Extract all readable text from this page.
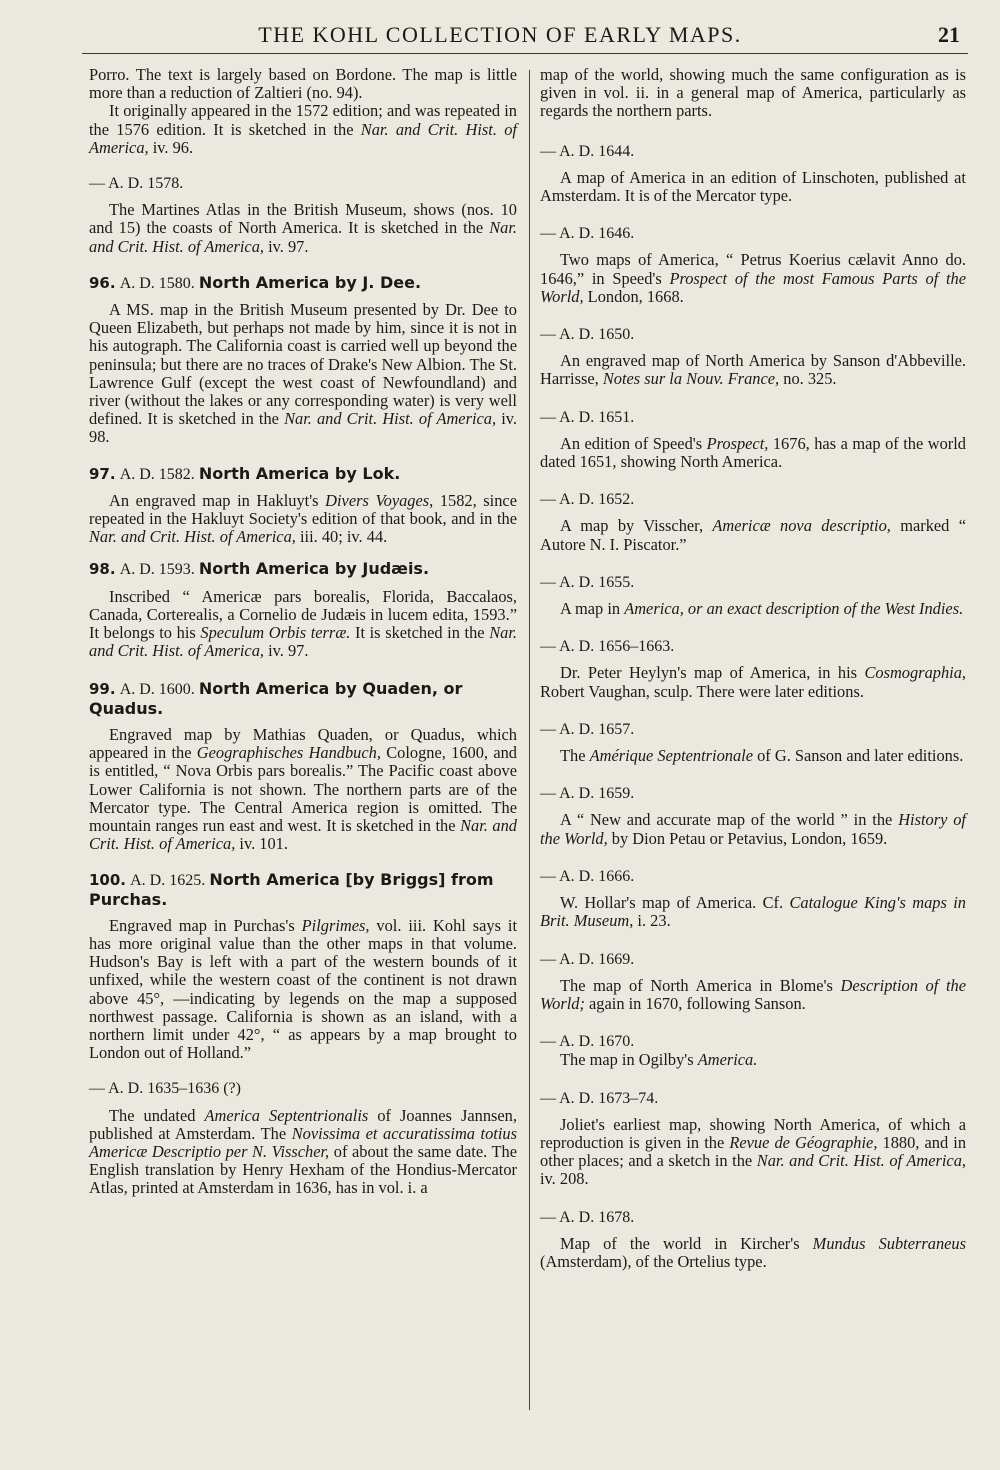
THE KOHL COLLECTION OF EARLY MAPS.	21

Porro. The text is largely based on Bordone. The map is little more than a reduction of Zaltieri (no. 94).

It originally appeared in the 1572 edition; and was repeated in the 1576 edition. It is sketched in the Nar. and Crit. Hist. of America, iv. 96.

— A. D. 1578.

The Martines Atlas in the British Museum, shows (nos. 10 and 15) the coasts of North America. It is sketched in the Nar. and Crit. Hist. of America, iv. 97.

96. A. D. 1580. North America by J. Dee.

A MS. map in the British Museum presented by Dr. Dee to Queen Elizabeth, but perhaps not made by him, since it is not in his autograph. The California coast is carried well up beyond the peninsula; but there are no traces of Drake's New Albion. The St. Lawrence Gulf (except the west coast of Newfoundland) and river (without the lakes or any corresponding water) is very well defined. It is sketched in the Nar. and Crit. Hist. of America, iv. 98.

97. A. D. 1582. North America by Lok.

An engraved map in Hakluyt's Divers Voyages, 1582, since repeated in the Hakluyt Society's edition of that book, and in the Nar. and Crit. Hist. of America, iii. 40; iv. 44.

98. A. D. 1593. North America by Judæis.

Inscribed “ Americæ pars borealis, Florida, Baccalaos, Canada, Corterealis, a Cornelio de Judæis in lucem edita, 1593.” It belongs to his Speculum Orbis terræ. It is sketched in the Nar. and Crit. Hist. of America, iv. 97.

99. A. D. 1600. North America by Quaden, or Quadus.

Engraved map by Mathias Quaden, or Quadus, which appeared in the Geographisches Handbuch, Cologne, 1600, and is entitled, “ Nova Orbis pars borealis.” The Pacific coast above Lower California is not shown. The northern parts are of the Mercator type. The Central America region is omitted. The mountain ranges run east and west. It is sketched in the Nar. and Crit. Hist. of America, iv. 101.

100. A. D. 1625. North America [by Briggs] from Purchas.

Engraved map in Purchas's Pilgrimes, vol. iii. Kohl says it has more original value than the other maps in that volume. Hudson's Bay is left with a part of the western bounds of it unfixed, while the western coast of the continent is not drawn above 45°, —indicating by legends on the map a supposed northwest passage. California is shown as an island, with a northern limit under 42°, “ as appears by a map brought to London out of Holland.”

— A. D. 1635–1636 (?)

The undated America Septentrionalis of Joannes Jannsen, published at Amsterdam. The Novissima et accuratissima totius Americæ Descriptio per N. Visscher, of about the same date. The English translation by Henry Hexham of the Hondius-Mercator Atlas, printed at Amsterdam in 1636, has in vol. i. a

map of the world, showing much the same configuration as is given in vol. ii. in a general map of America, particularly as regards the northern parts.

— A. D. 1644.

A map of America in an edition of Linschoten, published at Amsterdam. It is of the Mercator type.

— A. D. 1646.

Two maps of America, “ Petrus Koerius cælavit Anno do. 1646,” in Speed's Prospect of the most Famous Parts of the World, London, 1668.

— A. D. 1650.

An engraved map of North America by Sanson d'Abbeville. Harrisse, Notes sur la Nouv. France, no. 325.

— A. D. 1651.

An edition of Speed's Prospect, 1676, has a map of the world dated 1651, showing North America.

— A. D. 1652.

A map by Visscher, Americæ nova descriptio, marked “ Autore N. I. Piscator.”

— A. D. 1655.

A map in America, or an exact description of the West Indies.

— A. D. 1656–1663.

Dr. Peter Heylyn's map of America, in his Cosmographia, Robert Vaughan, sculp. There were later editions.

— A. D. 1657.

The Amérique Septentrionale of G. Sanson and later editions.

— A. D. 1659.

A “ New and accurate map of the world ” in the History of the World, by Dion Petau or Petavius, London, 1659.

— A. D. 1666.

W. Hollar's map of America. Cf. Catalogue King's maps in Brit. Museum, i. 23.

— A. D. 1669.

The map of North America in Blome's Description of the World; again in 1670, following Sanson.

— A. D. 1670.

The map in Ogilby's America.

— A. D. 1673–74.

Joliet's earliest map, showing North America, of which a reproduction is given in the Revue de Géographie, 1880, and in other places; and a sketch in the Nar. and Crit. Hist. of America, iv. 208.

— A. D. 1678.

Map of the world in Kircher's Mundus Subterraneus (Amsterdam), of the Ortelius type.
